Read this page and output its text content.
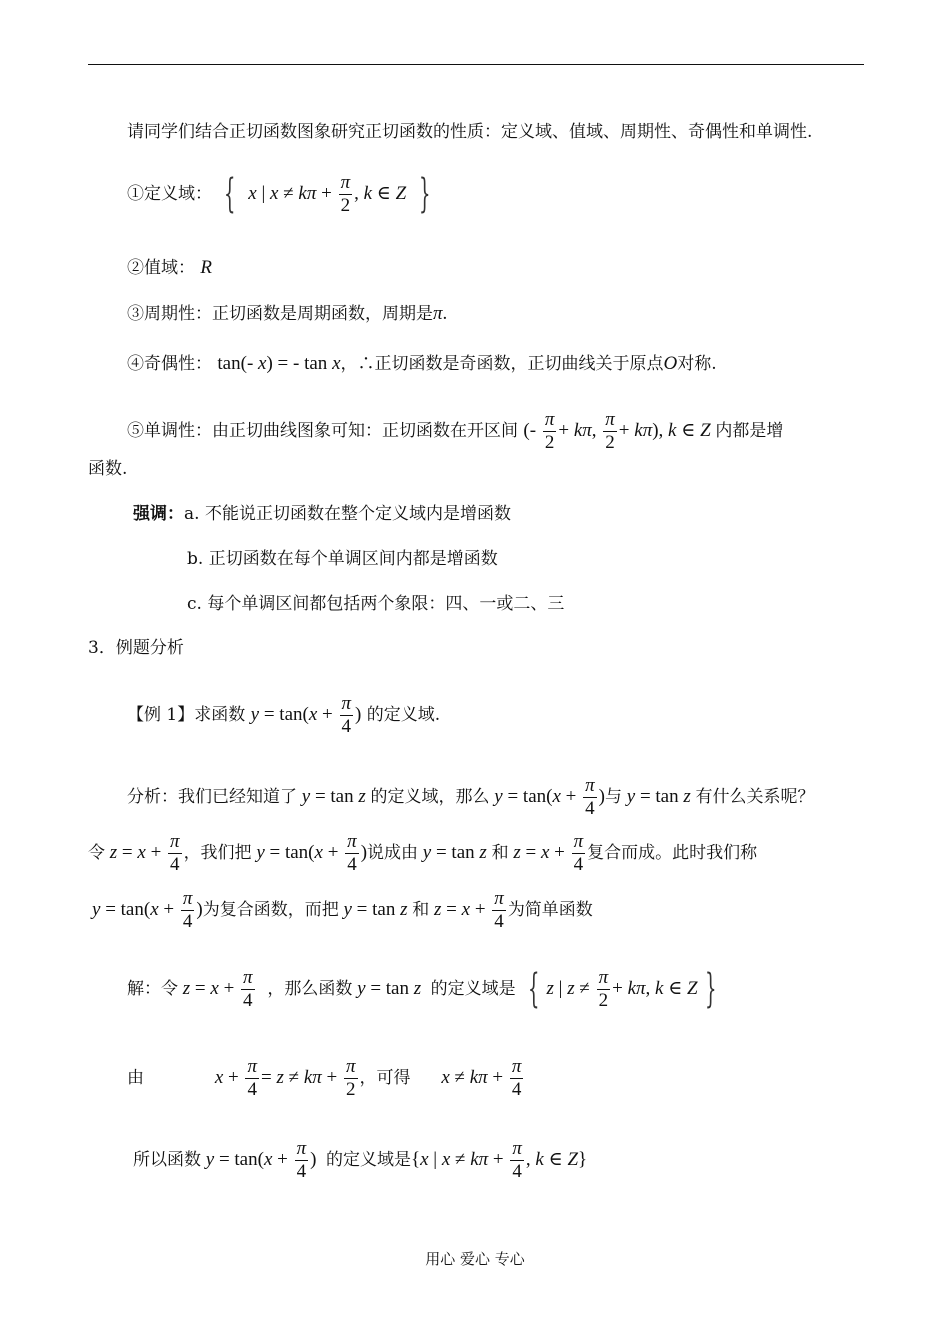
请同学们结合正切函数图象研究正切函数的性质：定义域、值域、周期性、奇偶性和单调性.
①定义域： { x | $x \ne k\pi + \frac{\pi}{2}$ , k ∈ Z }
②值域： R
③周期性：正切函数是周期函数，周期是π.
④奇偶性： tan(- x) = - tan x，∴正切函数是奇函数，正切曲线关于原点O对称.
⑤单调性：由正切曲线图象可知：正切函数在开区间 (- $\frac{\pi}{2} + k\pi$, $\frac{\pi}{2} + k\pi$), k ∈ Z 内都是增
函数.
强调：a. 不能说正切函数在整个定义域内是增函数
b. 正切函数在每个单调区间内都是增函数
c. 每个单调区间都包括两个象限：四、一或二、三
3．例题分析
【例 1】求函数 $y = \tan(x + \frac{\pi}{4}$ ) 的定义域.
分析：我们已经知道了 y = tan z 的定义域，那么 $y = \tan(x + \frac{\pi}{4}$ )与 y = tan z 有什么关系呢？
令 $z = x + \frac{\pi}{4}$ ，我们把 $y = \tan(x + \frac{\pi}{4}$ )说成由 y = tan z 和 $z = x + \frac{\pi}{4}$ 复合而成。此时我们称
$y = \tan(x + \frac{\pi}{4}$ )为复合函数，而把 y = tan z 和 $z = x + \frac{\pi}{4}$ 为简单函数
解：令 $z = x + \frac{\pi}{4}$ ，那么函数 y = tan z 的定义域是 { z | $z \ne \frac{\pi}{2} + k\pi$, k ∈ Z }
由	$x + \frac{\pi}{4} = z \ne k\pi + \frac{\pi}{2}$ ，可得 $x \ne k\pi + \frac{\pi}{4}$
所以函数 $y = \tan(x + \frac{\pi}{4}$ )  的定义域是{x | $x \ne k\pi + \frac{\pi}{4}$ , k ∈ Z}
用心 爱心 专心
